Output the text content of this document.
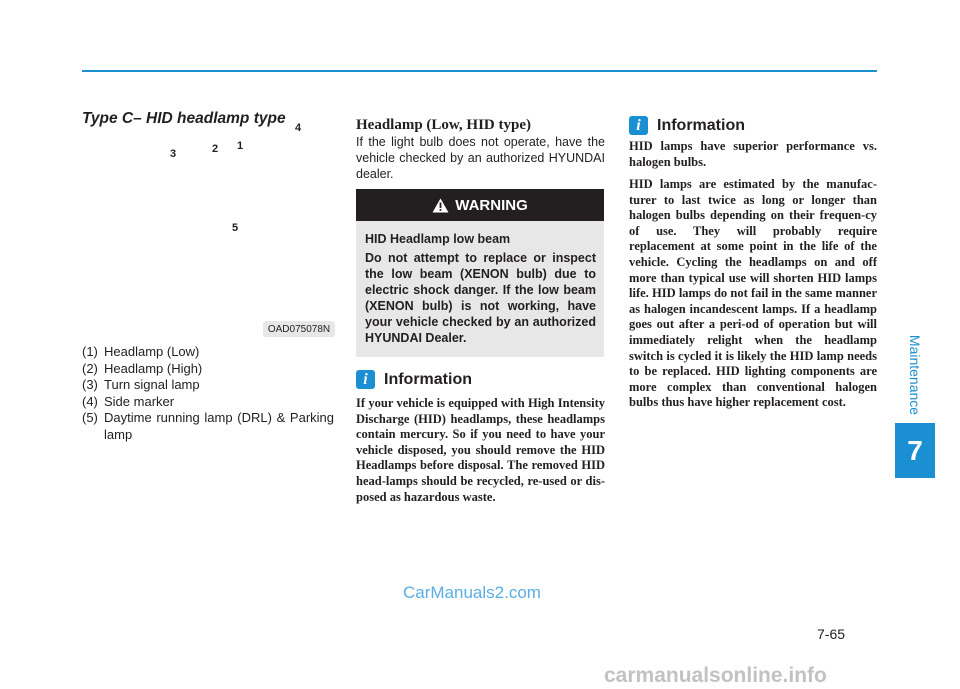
Maintenance
7
Type C– HID headlamp type
1
2
3
4
5
OAD075078N
(1) Headlamp (Low)
(2) Headlamp (High)
(3) Turn signal lamp
(4) Side marker
(5) Daytime running lamp (DRL) & Parking lamp
Headlamp (Low, HID type)

If the light bulb does not operate, have the vehicle checked by an authorized HYUNDAI dealer.

WARNING

HID Headlamp low beam

Do not attempt to replace or inspect the low beam (XENON bulb) due to electric shock danger. If the low beam (XENON bulb) is not working, have your vehicle checked by an authorized HYUNDAI Dealer.

i	Information

If your vehicle is equipped with High Intensity Discharge (HID) headlamps, these headlamps contain mercury. So if you need to have your vehicle disposed, you should remove the HID Headlamps before disposal. The removed HID head-lamps should be recycled, re-used or dis-posed as hazardous waste.

i	Information

HID lamps have superior performance vs. halogen bulbs.

HID lamps are estimated by the manufac-turer to last twice as long or longer than halogen bulbs depending on their frequen-cy of use. They will probably require replacement at some point in the life of the vehicle. Cycling the headlamps on and off more than typical use will shorten HID lamps life. HID lamps do not fail in the same manner as halogen incandescent lamps. If a headlamp goes out after a peri-od of operation but will immediately relight when the headlamp switch is cycled it is likely the HID lamp needs to be replaced. HID lighting components are more complex than conventional halogen bulbs thus have higher replacement cost.

CarManuals2.com
7-65
carmanualsonline.info
